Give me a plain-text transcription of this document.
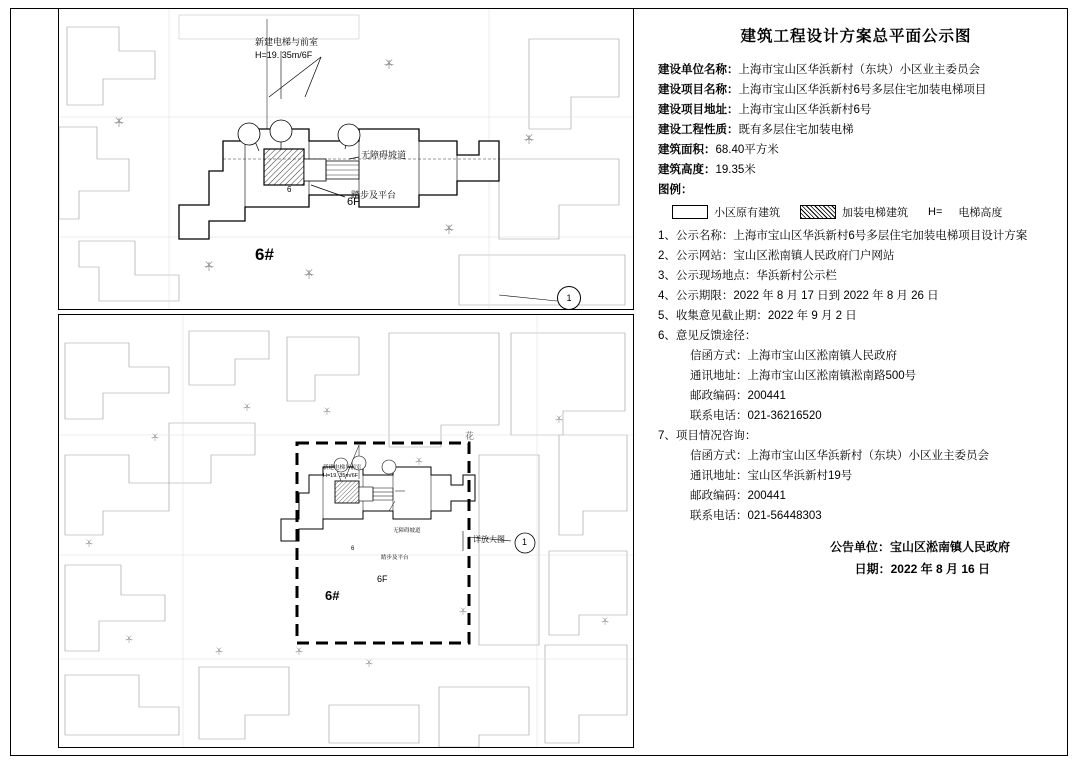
新建电梯与前室
H=19. 35m/6F
无障碍坡道
踏步及平台
6
6F
6#
1
新建电梯与前室
H=19. 35m/6F
无障碍坡道
踏步及平台
6
6F
6#
详放大图 1
花
建筑工程设计方案总平面公示图
建设单位名称：上海市宝山区华浜新村（东块）小区业主委员会
建设项目名称：上海市宝山区华浜新村6号多层住宅加装电梯项目
建设项目地址：上海市宝山区华浜新村6号
建设工程性质：既有多层住宅加装电梯
建筑面积：68.40平方米
建筑高度：19.35米
图例：
小区原有建筑	加装电梯建筑 H= 电梯高度
1、公示名称：上海市宝山区华浜新村6号多层住宅加装电梯项目设计方案
2、公示网站：宝山区淞南镇人民政府门户网站
3、公示现场地点：华浜新村公示栏
4、公示期限：2022 年 8 月 17 日到 2022 年 8 月 26 日
5、收集意见截止期：2022 年 9 月 2 日
6、意见反馈途径：
信函方式：上海市宝山区淞南镇人民政府
通讯地址：上海市宝山区淞南镇淞南路500号
邮政编码：200441
联系电话：021-36216520
7、项目情况咨询：
信函方式：上海市宝山区华浜新村（东块）小区业主委员会
通讯地址：宝山区华浜新村19号
邮政编码：200441
联系电话：021-56448303
公告单位：宝山区淞南镇人民政府
日期：2022 年 8 月 16 日
